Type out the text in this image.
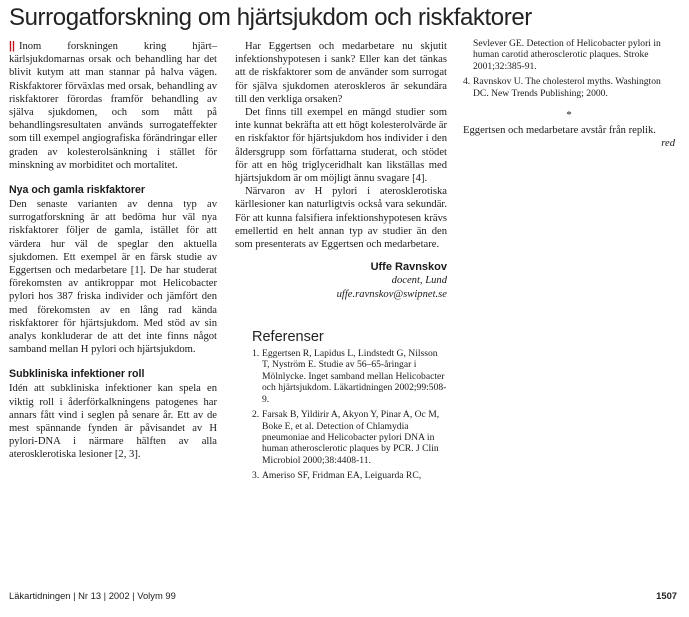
Surrogatforskning om hjärtsjukdom och riskfaktorer

|| Inom forskningen kring hjärt–kärlsjukdomarnas orsak och behandling har det blivit kutym att man stannar på halva vägen. Riskfaktorer förväxlas med orsak, behandling av riskfaktorer förordas framför behandling av själva sjukdomen, och som mått på behandlingsresultaten används surrogateffekter som till exempel angiografiska förändringar eller graden av kolesterolsänkning i stället för minskning av morbiditet och mortalitet.

Nya och gamla riskfaktorer

Den senaste varianten av denna typ av surrogatforskning är att bedöma hur väl nya riskfaktorer följer de gamla, istället för att värdera hur väl de speglar den aktuella sjukdomen. Ett exempel är en färsk studie av Eggertsen och medarbetare [1]. De har studerat förekomsten av antikroppar mot Helicobacter pylori hos 387 friska individer och jämfört den med förekomsten av en lång rad kända riskfaktorer för hjärtsjukdom. Med stöd av sin analys konkluderar de att det inte finns något samband mellan H pylori och hjärtsjukdom.

Subkliniska infektioner roll

Idén att subkliniska infektioner kan spela en viktig roll i åderförkalkningens patogenes har annars fått vind i seglen på senare år. Ett av de mest spännande fynden är påvisandet av H pylori-DNA i närmare hälften av alla aterosklerotiska lesioner [2, 3].

Har Eggertsen och medarbetare nu skjutit infektionshypotesen i sank? Eller kan det tänkas att de riskfaktorer som de använder som surrogat för själva sjukdomen ateroskleros är sekundära till den verkliga orsaken?

Det finns till exempel en mängd studier som inte kunnat bekräfta att ett högt kolesterolvärde är en riskfaktor för hjärtsjukdom hos individer i den åldersgrupp som författarna studerat, och stödet för att en hög triglyceridhalt kan likställas med hjärtsjukdom är om möjligt ännu svagare [4].

Närvaron av H pylori i aterosklerotiska kärllesioner kan naturligtvis också vara sekundär. För att kunna falsifiera infektionshypotesen krävs emellertid en helt annan typ av studier än den som presenterats av Eggertsen och medarbetare.

Uffe Ravnskov
docent, Lund
uffe.ravnskov@swipnet.se
Referenser
1. Eggertsen R, Lapidus L, Lindstedt G, Nilsson T, Nyström E. Studie av 56–65-åringar i Mölnlycke. Inget samband mellan Helicobacter och hjärtsjukdom. Läkartidningen 2002;99:508-9.
2. Farsak B, Yildirir A, Akyon Y, Pinar A, Oc M, Boke E, et al. Detection of Chlamydia pneumoniae and Helicobacter pylori DNA in human atherosclerotic plaques by PCR. J Clin Microbiol 2000;38:4408-11.
3. Ameriso SF, Fridman EA, Leiguarda RC,
Sevlever GE. Detection of Helicobacter pylori in human carotid atherosclerotic plaques. Stroke 2001;32:385-91.
4. Ravnskov U. The cholesterol myths. Washington DC. New Trends Publishing; 2000.
*

Eggertsen och medarbetare avstår från replik.

red
Läkartidningen | Nr 13 | 2002 | Volym 99	1507
